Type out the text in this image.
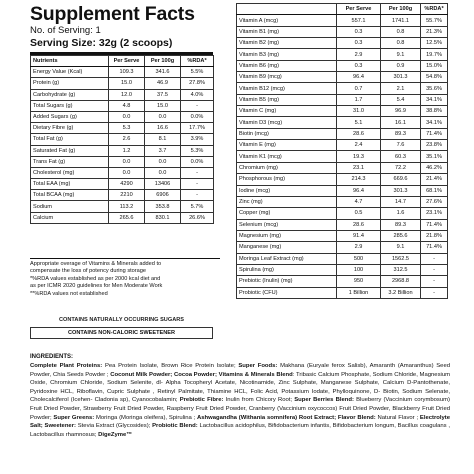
Supplement Facts
No. of Serving: 1
Serving Size: 32g (2 scoops)
Nutrients	Per Serve	Per 100g	%RDA*
Energy Value (Kcal)	109.3	341.6	5.5%
Protein (g)	15.0	46.9	27.8%
Carbohydrate (g)	12.0	37.5	4.0%
Total Sugars (g)	4.8	15.0	-
Added Sugars (g)	0.0	0.0	0.0%
Dietary Fibre (g)	5.3	16.6	17.7%
Total Fat (g)	2.6	8.1	3.9%
Saturated Fat (g)	1.2	3.7	5.3%
Trans Fat (g)	0.0	0.0	0.0%
Cholesterol (mg)	0.0	0.0	-
Total EAA (mg)	4290	13406	-
Total BCAA (mg)	2210	6906	-
Sodium	113.2	353.8	5.7%
Calcium	265.6	830.1	26.6%
	Per Serve	Per 100g	%RDA*
Vitamin A (mcg)	557.1	1741.1	55.7%
Vitamin B1 (mg)	0.3	0.8	21.3%
Vitamin B2 (mg)	0.3	0.8	12.5%
Vitamin B3 (mg)	2.9	9.1	19.7%
Vitamin B6 (mg)	0.3	0.9	15.0%
Vitamin B9 (mcg)	96.4	301.3	54.8%
Vitamin B12 (mcg)	0.7	2.1	35.6%
Vitamin B5 (mg)	1.7	5.4	34.1%
Vitamin C (mg)	31.0	96.9	38.8%
Vitamin D3 (mcg)	5.1	16.1	34.1%
Biotin (mcg)	28.6	89.3	71.4%
Vitamin E (mg)	2.4	7.6	23.8%
Vitamin K1 (mcg)	19.3	60.3	35.1%
Chromium (mg)	23.1	72.2	46.2%
Phosphorous (mg)	214.3	669.6	21.4%
Iodine (mcg)	96.4	301.3	68.1%
Zinc (mg)	4.7	14.7	27.6%
Copper (mg)	0.5	1.6	23.1%
Selenium (mcg)	28.6	89.3	71.4%
Magnesium (mg)	91.4	285.6	21.8%
Manganese (mg)	2.9	9.1	71.4%
Moringa Leaf Extract (mg)	500	1562.5	-
Spirulina (mg)	100	312.5	-
Prebiotic (Inulin) (mg)	950	2968.8	-
Probiotic (CFU)	1 Billion	3.2 Billion	-

Appropriate overage of Vitamins & Minerals added to

compensate the loss of potency during storage

*%RDA values established as per 2000 kcal diet and

as per ICMR 2020 guidelines for Men Moderate Work

**%RDA values not established

CONTAINS NATURALLY OCCURRING SUGARS
CONTAINS NON-CALORIC SWEETENER
INGREDIENTS:

Complete Plant Proteins: Pea Protein Isolate, Brown Rice Protein Isolate; Super Foods: Makhana (Euryale ferox Salisb), Amaranth (Amaranthus) Seed Powder, Chia Seeds Powder ; Coconut Milk Powder; Cocoa Powder; Vitamins & Minerals Blend: Tribasic Calcium Phosphate, Sodium Chloride, Magnesium Oxide, Chromium Chloride, Sodium Selenite, dl- Alpha Tocopheryl Acetate, Nicotinamide, Zinc Sulphate, Manganese Sulphate, Calcium D-Pantothenate, Pyridoxine HCL, Riboflavin, Cupric Sulphate , Retinyl Palmitate, Thiamine HCL, Folic Acid, Potassium Iodate, Phylloquinone, D- Biotin, Sodium Selenate, Cholecalciferol (Icehen- Cladonia sp), Cyanocobalamin; Prebiotic Fibre: Inulin from Chicory Root; Super Berries Blend: Blueberry (Vaccinium corymbosum) Fruit Dried Powder, Strawberry Fruit Dried Powder, Raspberry Fruit Dried Powder, Cranberry (Vaccinium oxycoccos) Fruit Dried Powder, Blackberry Fruit Dried Powder; Super Greens: Moringa (Moringa oleifera), Spirulina ; Ashwagandha (Withania somnifera) Root Extract; Flavor Blend: Natural Flavor ; Electrolyte Salt; Sweetener: Stevia Extract (Glycosides); Probiotic Blend: Lactobacillus acidophilus, Bifidobacterium infantis, Bifidobacterium longum, Bacillus coagulans , Lactobacillus rhamnosus; DigeZyme™
